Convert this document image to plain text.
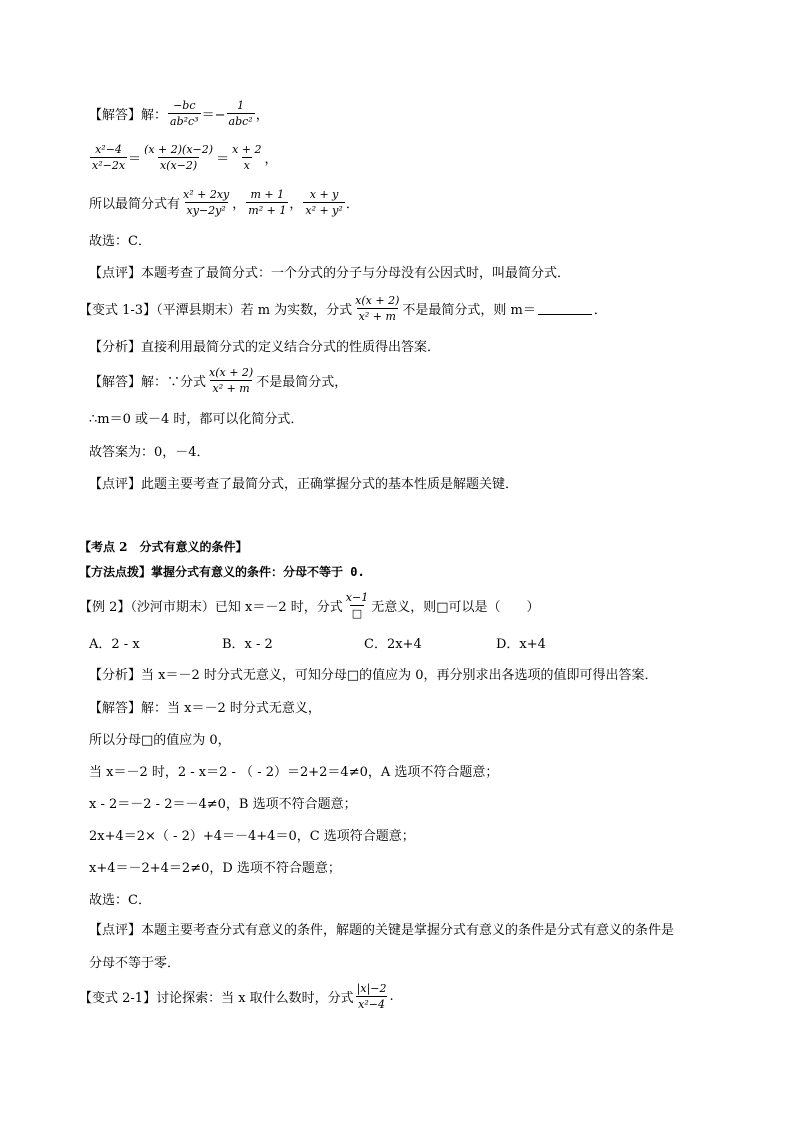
【解答】解： $\frac{-bc}{\text{ab²c³}} =- \frac{1}{\text{abc²}}$ ，
$\frac{\text{x²−4}}{\text{x²−2x}} = \frac{(x + 2)(x-2)}{x(x-2)} = \frac{x + 2}{x}$ ，
所以最简分式有 $\frac{\text{x² + 2xy}}{\text{xy−2y²}}$ ， $\frac{m + 1}{\text{m² + 1}}$ ， $\frac{x + y}{\text{x² + y²}}$ ．
故选：C．
【点评】本题考查了最简分式：一个分式的分子与分母没有公因式时，叫最简分式．
【变式 1-3】（平潭县期末）若 m 为实数，分式 $\frac{x(x + 2)}{\text{x² + m}}$ 不是最简分式，则 m＝	．
【分析】直接利用最简分式的定义结合分式的性质得出答案．
【解答】解：∵分式 $\frac{x(x + 2)}{\text{x² + m}}$ 不是最简分式，
∴m＝0 或－4 时，都可以化简分式．
故答案为：0，－4．
【点评】此题主要考查了最简分式，正确掌握分式的基本性质是解题关键．
【考点 2　分式有意义的条件】
【方法点拨】掌握分式有意义的条件：分母不等于 0.
【例 2】（沙河市期末）已知 x＝－2 时，分式 $\frac{x-1}{□}$ 无意义，则□可以是（　　）
A．2 - x	B．x - 2	C．2x+4	D．x+4
【分析】当 x＝－2 时分式无意义，可知分母□的值应为 0，再分别求出各选项的值即可得出答案．
【解答】解：当 x＝－2 时分式无意义，
所以分母□的值应为 0，
当 x＝－2 时，2 - x＝2 - （ - 2）＝2+2＝4≠0，A 选项不符合题意；
x - 2＝－2 - 2＝－4≠0，B 选项不符合题意；
2x+4＝2×（ - 2）+4＝－4+4＝0，C 选项符合题意；
x+4＝－2+4＝2≠0，D 选项不符合题意；
故选：C．
【点评】本题主要考查分式有意义的条件，解题的关键是掌握分式有意义的条件是分式有意义的条件是
分母不等于零．
【变式 2-1】讨论探索：当 x 取什么数时，分式 $\frac{|x|-2}{\text{x²−4}}$ .
